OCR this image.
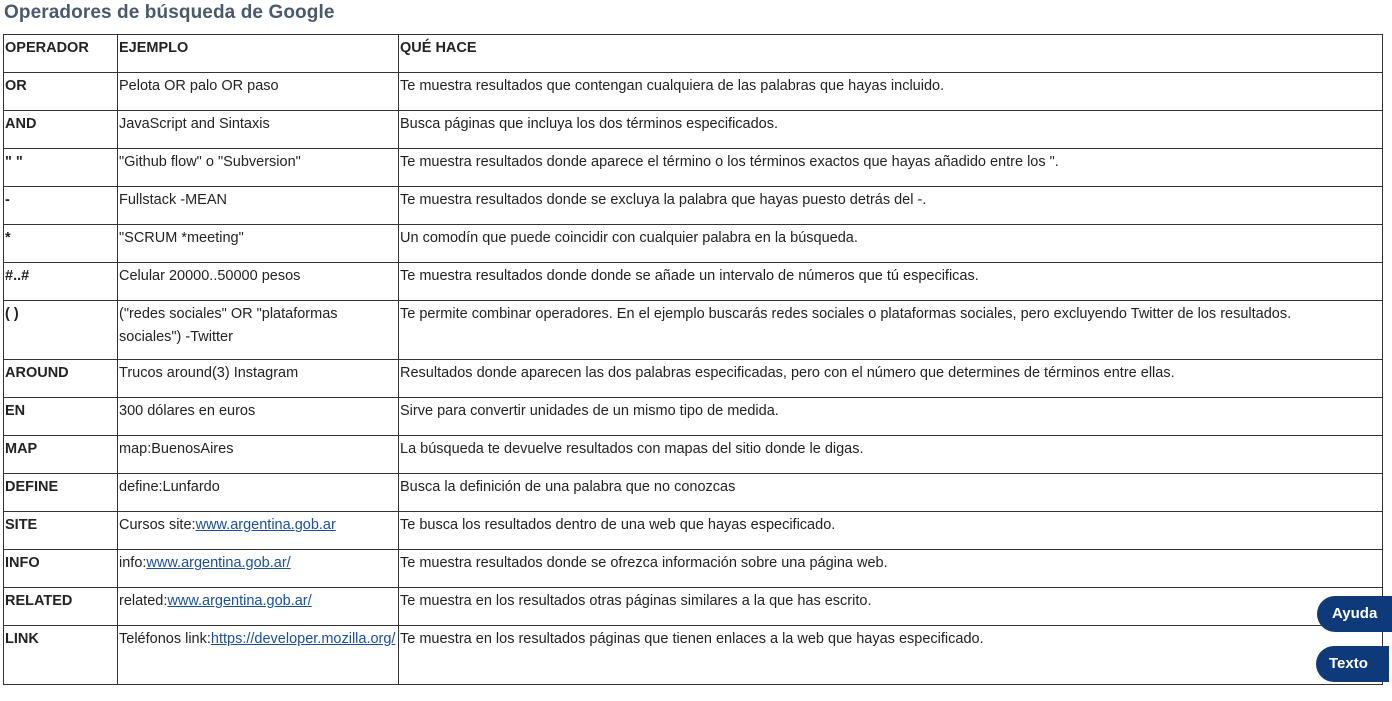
Operadores de búsqueda de Google
OPERADOR	EJEMPLO	QUÉ HACE
OR	Pelota OR palo OR paso	Te muestra resultados que contengan cualquiera de las palabras que hayas incluido.
AND	JavaScript and Sintaxis	Busca páginas que incluya los dos términos especificados.
" "	"Github flow" o "Subversion"	Te muestra resultados donde aparece el término o los términos exactos que hayas añadido entre los ".
-	Fullstack -MEAN	Te muestra resultados donde se excluya la palabra que hayas puesto detrás del -.
*	"SCRUM *meeting"	Un comodín que puede coincidir con cualquier palabra en la búsqueda.
#..#	Celular 20000..50000 pesos	Te muestra resultados donde donde se añade un intervalo de números que tú especificas.
( )	("redes sociales" OR "plataformas sociales") -Twitter	Te permite combinar operadores. En el ejemplo buscarás redes sociales o plataformas sociales, pero excluyendo Twitter de los resultados.
AROUND	Trucos around(3) Instagram	Resultados donde aparecen las dos palabras especificadas, pero con el número que determines de términos entre ellas.
EN	300 dólares en euros	Sirve para convertir unidades de un mismo tipo de medida.
MAP	map:BuenosAires	La búsqueda te devuelve resultados con mapas del sitio donde le digas.
DEFINE	define:Lunfardo	Busca la definición de una palabra que no conozcas
SITE	Cursos site:www.argentina.gob.ar	Te busca los resultados dentro de una web que hayas especificado.
INFO	info:www.argentina.gob.ar/	Te muestra resultados donde se ofrezca información sobre una página web.
RELATED	related:www.argentina.gob.ar/	Te muestra en los resultados otras páginas similares a la que has escrito.
LINK	Teléfonos link:https://developer.mozilla.org/	Te muestra en los resultados páginas que tienen enlaces a la web que hayas especificado.
Ayuda
Texto
